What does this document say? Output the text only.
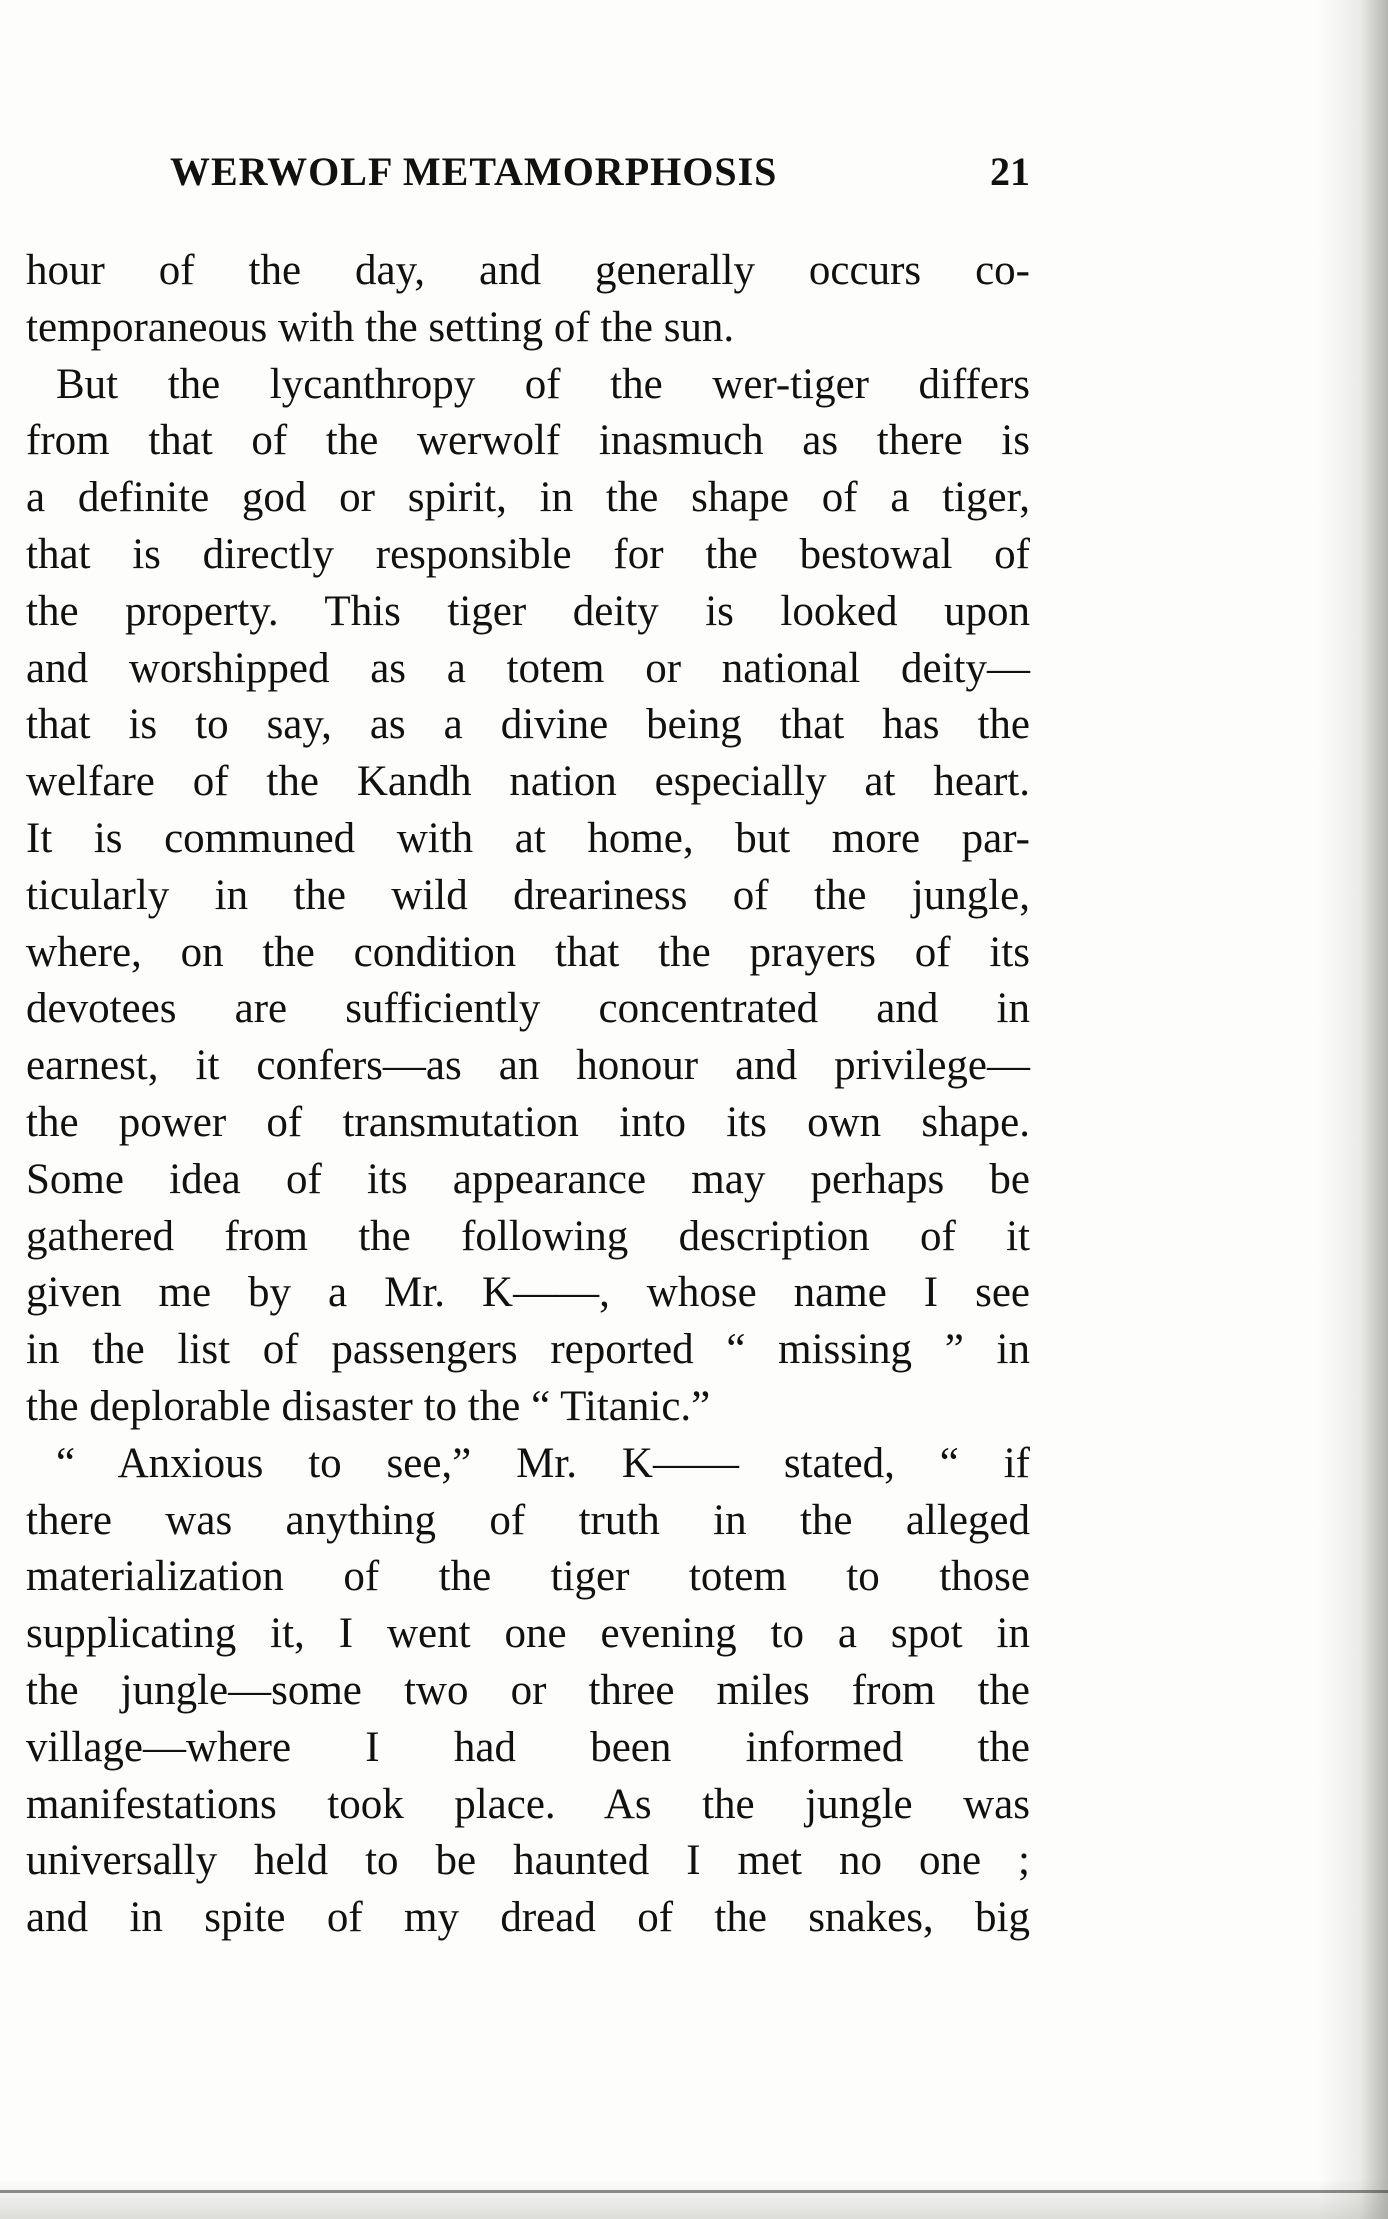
WERWOLF METAMORPHOSIS	21
hour of the day, and generally occurs co-
temporaneous with the setting of the sun.
But the lycanthropy of the wer-tiger differs
from that of the werwolf inasmuch as there is
a definite god or spirit, in the shape of a tiger,
that is directly responsible for the bestowal of
the property. This tiger deity is looked upon
and worshipped as a totem or national deity—
that is to say, as a divine being that has the
welfare of the Kandh nation especially at heart.
It is communed with at home, but more par-
ticularly in the wild dreariness of the jungle,
where, on the condition that the prayers of its
devotees are sufficiently concentrated and in
earnest, it confers—as an honour and privilege—
the power of transmutation into its own shape.
Some idea of its appearance may perhaps be
gathered from the following description of it
given me by a Mr. K——, whose name I see
in the list of passengers reported “ missing ” in
the deplorable disaster to the “ Titanic.”
“ Anxious to see,” Mr. K—— stated, “ if
there was anything of truth in the alleged
materialization of the tiger totem to those
supplicating it, I went one evening to a spot in
the jungle—some two or three miles from the
village—where I had been informed the
manifestations took place. As the jungle was
universally held to be haunted I met no one ;
and in spite of my dread of the snakes, big
